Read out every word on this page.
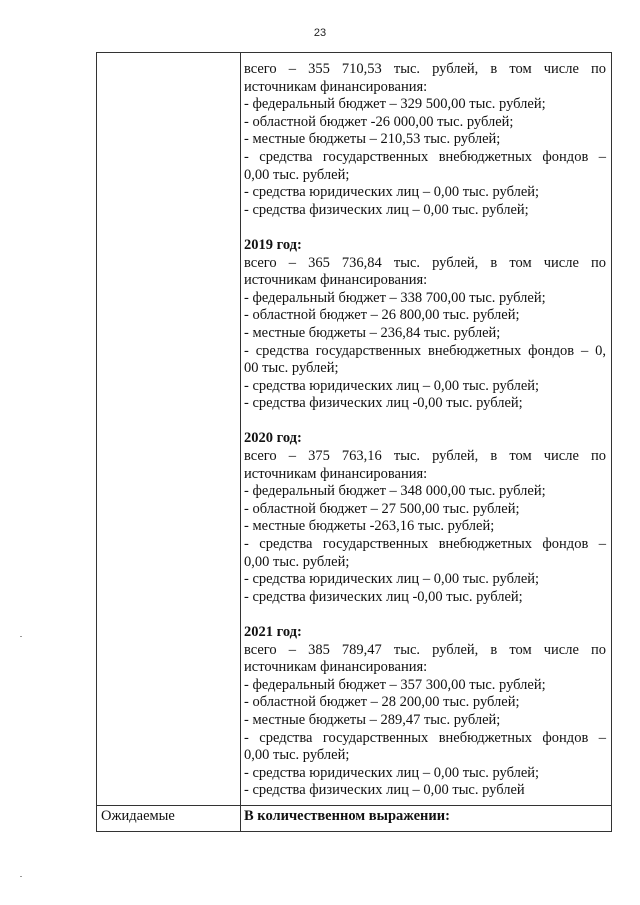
23

всего – 355 710,53 тыс. рублей, в том числе по

источникам финансирования:

- федеральный бюджет – 329 500,00 тыс. рублей;

- областной бюджет -26 000,00 тыс. рублей;

- местные бюджеты – 210,53 тыс. рублей;

- средства государственных внебюджетных фондов –

0,00 тыс. рублей;

- средства юридических лиц – 0,00 тыс. рублей;

- средства физических лиц – 0,00 тыс. рублей;

2019 год:

всего – 365 736,84 тыс. рублей, в том числе по

источникам финансирования:

- федеральный бюджет – 338 700,00 тыс. рублей;

- областной бюджет – 26 800,00 тыс. рублей;

- местные бюджеты – 236,84 тыс. рублей;

- средства государственных внебюджетных фондов – 0,

00 тыс. рублей;

- средства юридических лиц – 0,00 тыс. рублей;

- средства физических лиц -0,00 тыс. рублей;

2020 год:

всего – 375 763,16 тыс. рублей, в том числе по

источникам финансирования:

- федеральный бюджет – 348 000,00 тыс. рублей;

- областной бюджет – 27 500,00 тыс. рублей;

- местные бюджеты -263,16 тыс. рублей;

- средства государственных внебюджетных фондов –

0,00 тыс. рублей;

- средства юридических лиц – 0,00 тыс. рублей;

- средства физических лиц -0,00 тыс. рублей;

2021 год:

всего – 385 789,47 тыс. рублей, в том числе по

источникам финансирования:

- федеральный бюджет – 357 300,00 тыс. рублей;

- областной бюджет – 28 200,00 тыс. рублей;

- местные бюджеты – 289,47 тыс. рублей;

- средства государственных внебюджетных фондов –

0,00 тыс. рублей;

- средства юридических лиц – 0,00 тыс. рублей;

- средства физических лиц – 0,00 тыс. рублей

Ожидаемые	В количественном выражении:
